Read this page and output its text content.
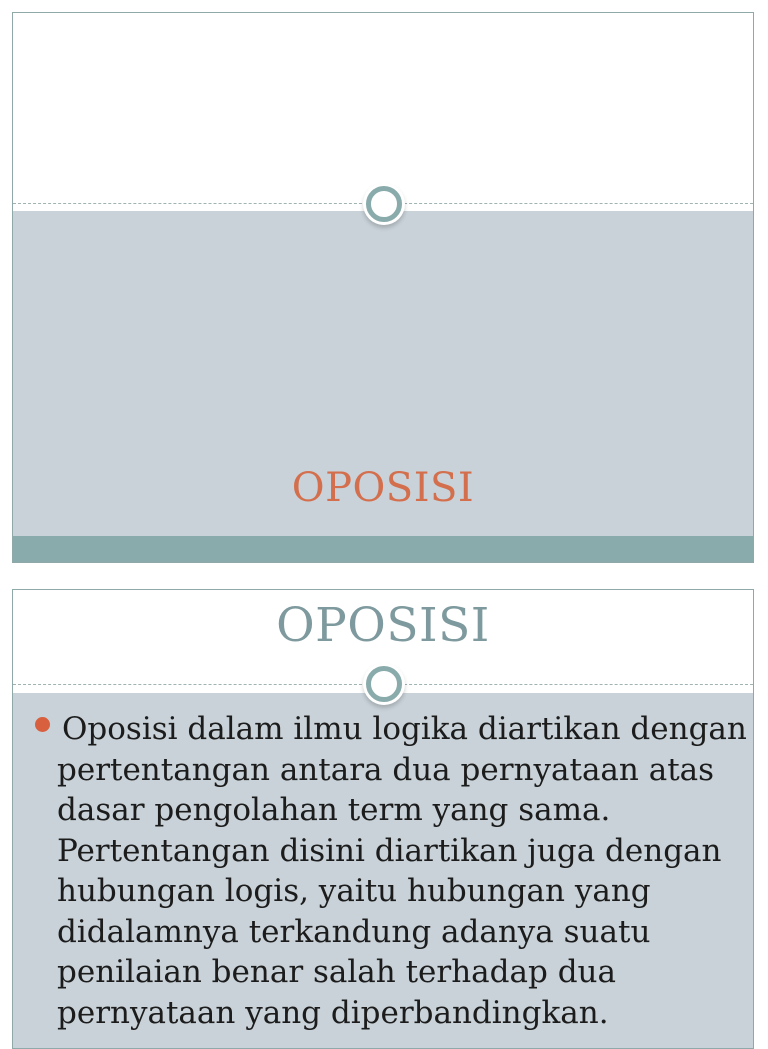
OPOSISI
OPOSISI
Oposisi dalam ilmu logika diartikan dengan
pertentangan antara dua pernyataan atas
dasar pengolahan term yang sama.
Pertentangan disini diartikan juga dengan
hubungan logis, yaitu hubungan yang
didalamnya terkandung adanya suatu
penilaian benar salah terhadap dua
pernyataan yang diperbandingkan.
